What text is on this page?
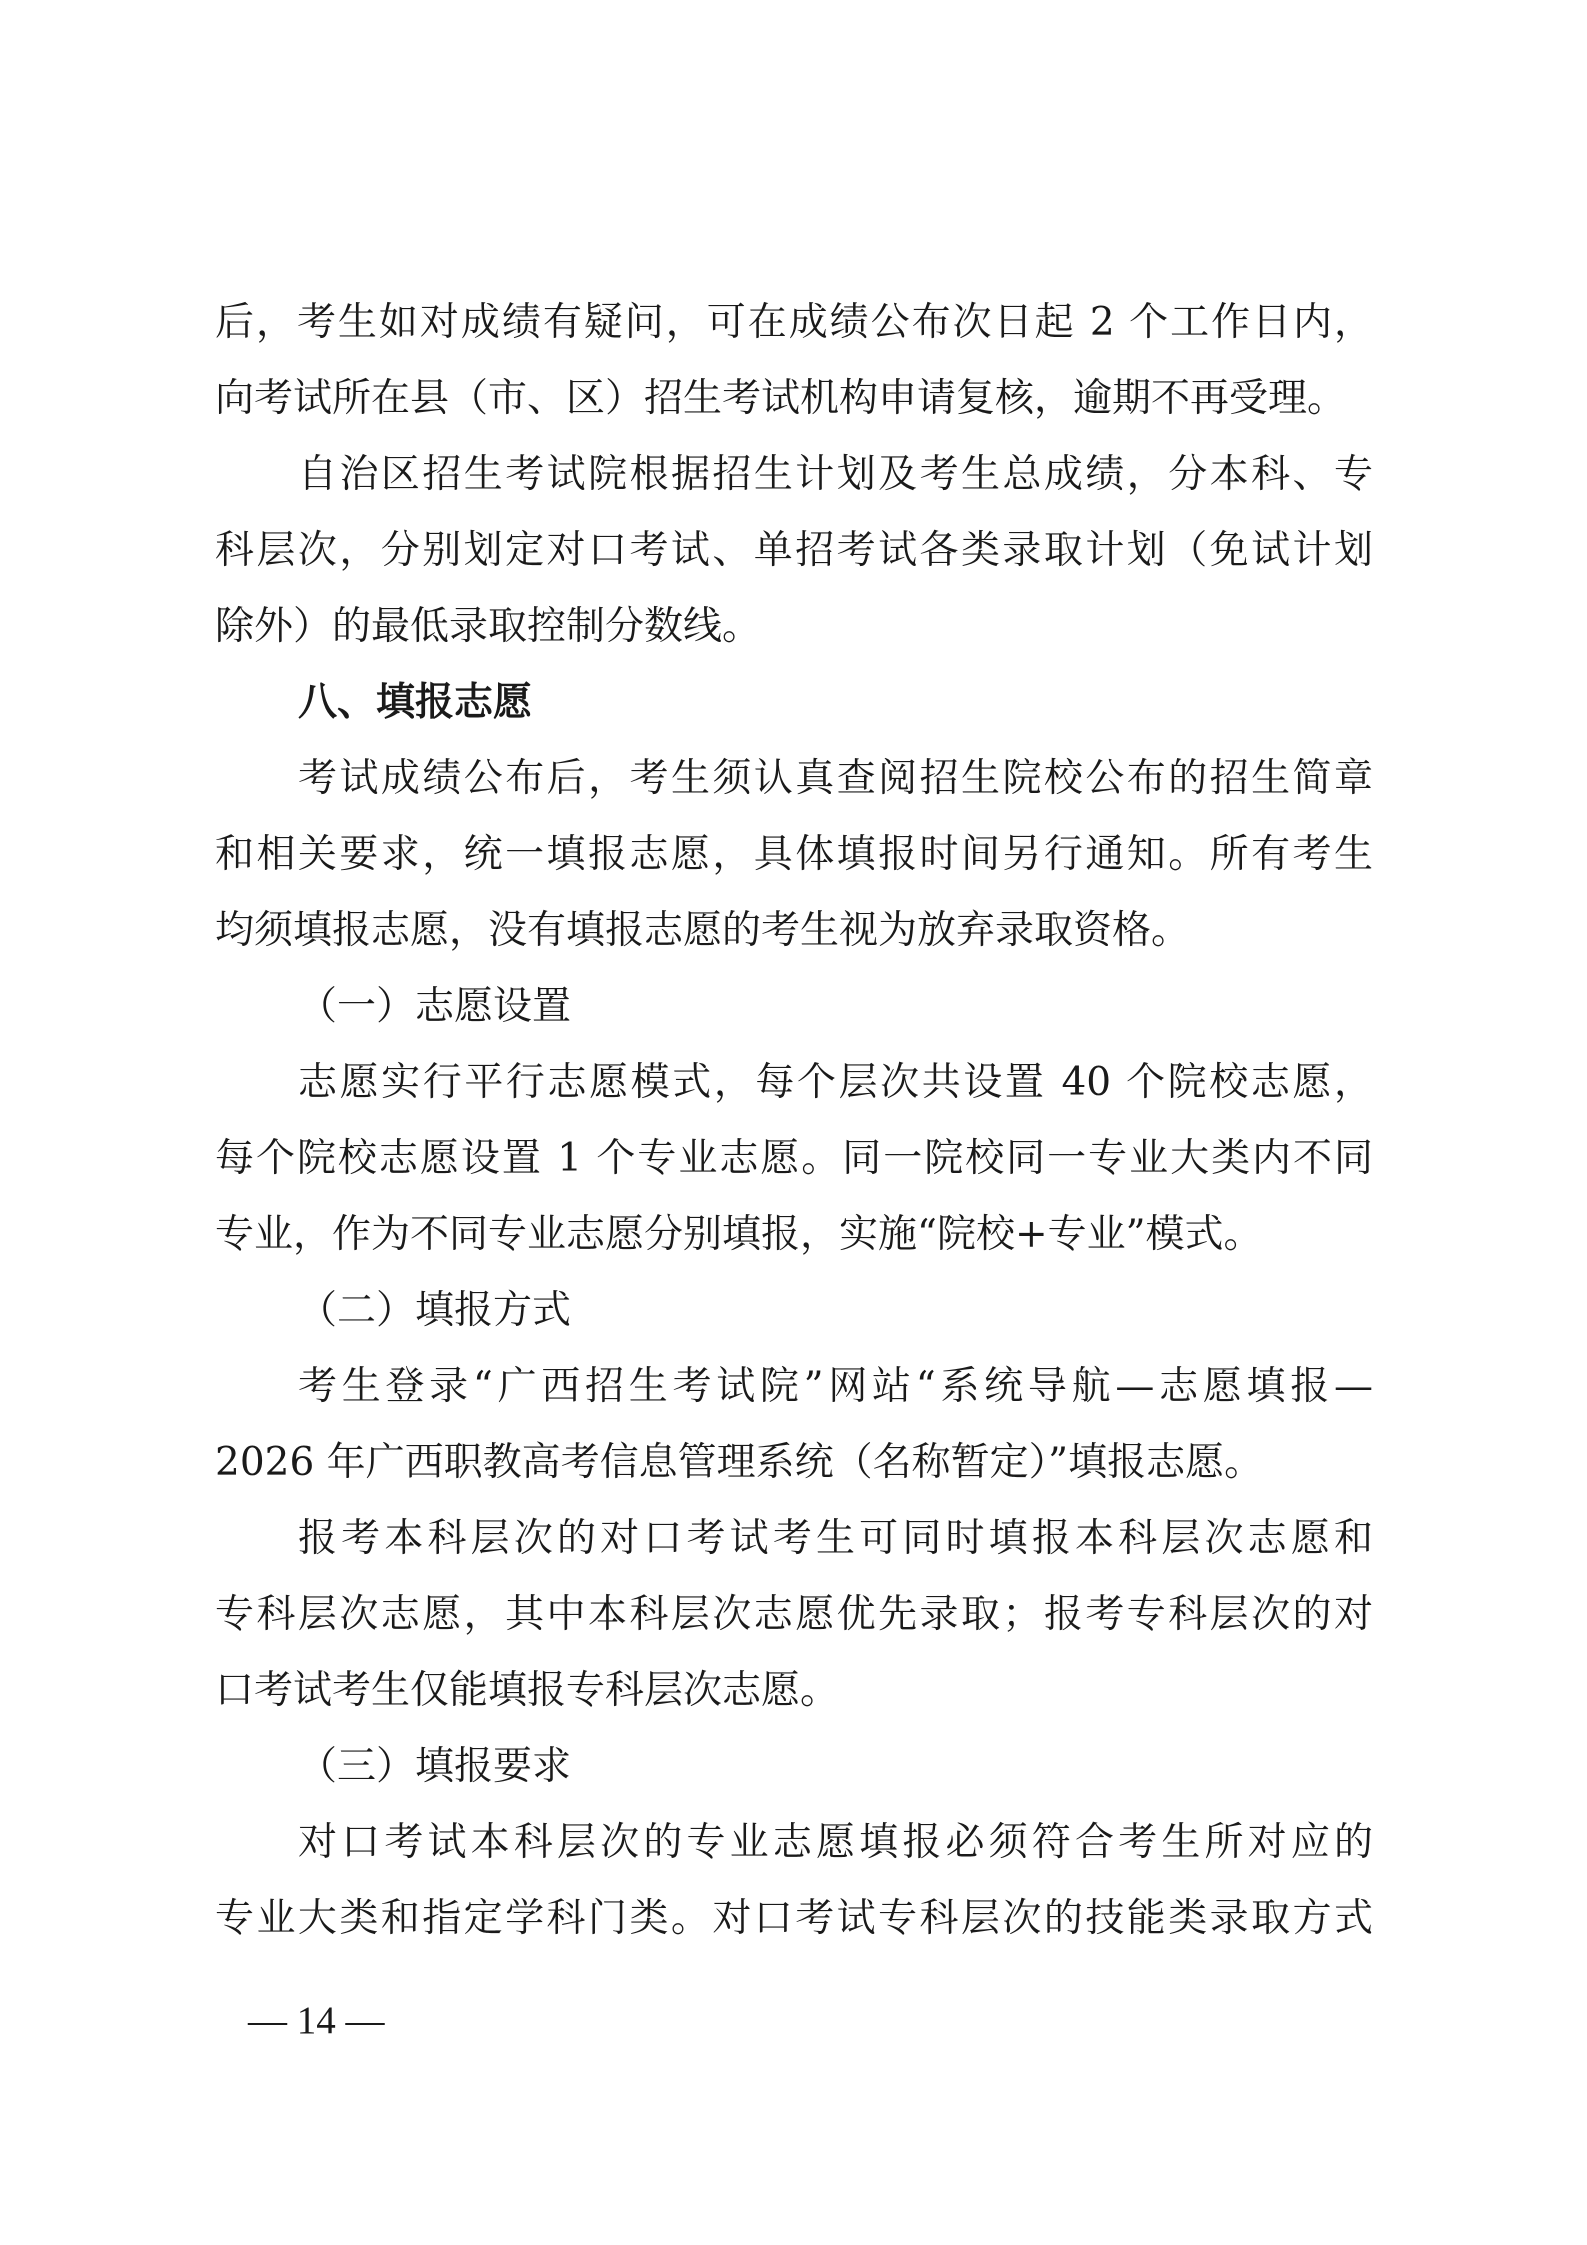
后，考生如对成绩有疑问，可在成绩公布次日起 2 个工作日内，
向考试所在县（市、区）招生考试机构申请复核，逾期不再受理。
自治区招生考试院根据招生计划及考生总成绩，分本科、专
科层次，分别划定对口考试、单招考试各类录取计划（免试计划
除外）的最低录取控制分数线。
八、填报志愿
考试成绩公布后，考生须认真查阅招生院校公布的招生简章
和相关要求，统一填报志愿，具体填报时间另行通知。所有考生
均须填报志愿，没有填报志愿的考生视为放弃录取资格。
（一）志愿设置
志愿实行平行志愿模式，每个层次共设置 40 个院校志愿，
每个院校志愿设置 1 个专业志愿。同一院校同一专业大类内不同
专业，作为不同专业志愿分别填报，实施“院校+专业”模式。
（二）填报方式
考生登录“广西招生考试院”网站“系统导航—志愿填报—
2026 年广西职教高考信息管理系统（名称暂定）”填报志愿。
报考本科层次的对口考试考生可同时填报本科层次志愿和
专科层次志愿，其中本科层次志愿优先录取；报考专科层次的对
口考试考生仅能填报专科层次志愿。
（三）填报要求
对口考试本科层次的专业志愿填报必须符合考生所对应的
专业大类和指定学科门类。对口考试专科层次的技能类录取方式
— 14 —
